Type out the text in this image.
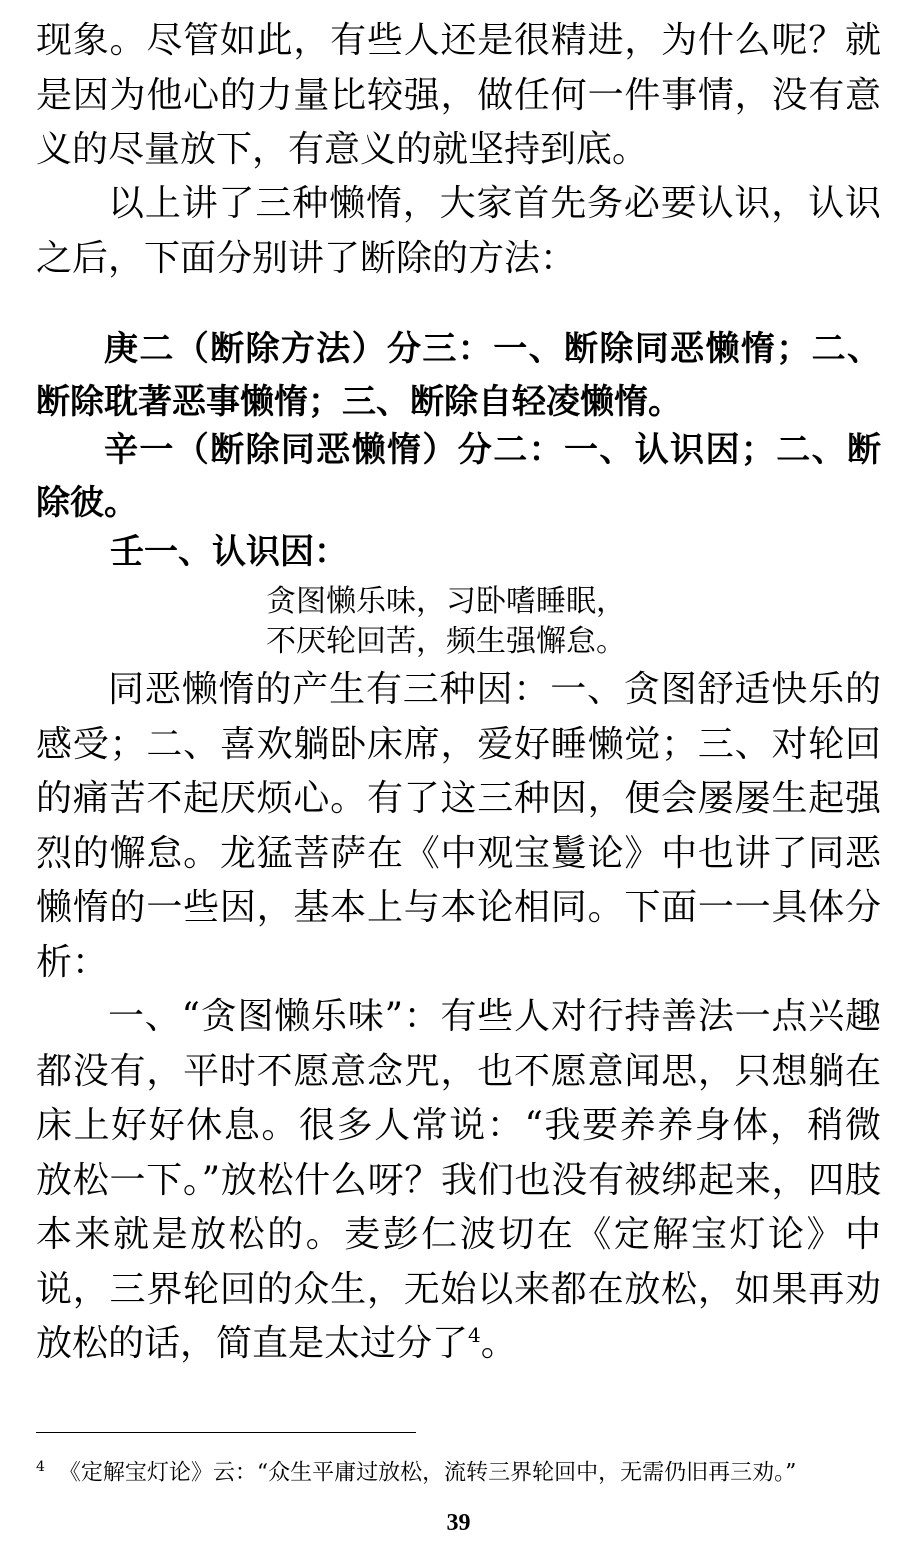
现象。尽管如此，有些人还是很精进，为什么呢？就是因为他心的力量比较强，做任何一件事情，没有意义的尽量放下，有意义的就坚持到底。

以上讲了三种懒惰，大家首先务必要认识，认识之后，下面分别讲了断除的方法：

庚二（断除方法）分三：一、断除同恶懒惰；二、断除耽著恶事懒惰；三、断除自轻凌懒惰。

辛一（断除同恶懒惰）分二：一、认识因；二、断除彼。

壬一、认识因：

贪图懒乐味，习卧嗜睡眠，
不厌轮回苦，频生强懈怠。

同恶懒惰的产生有三种因：一、贪图舒适快乐的感受；二、喜欢躺卧床席，爱好睡懒觉；三、对轮回的痛苦不起厌烦心。有了这三种因，便会屡屡生起强烈的懈怠。龙猛菩萨在《中观宝鬘论》中也讲了同恶懒惰的一些因，基本上与本论相同。下面一一具体分析：

一、“贪图懒乐味”：有些人对行持善法一点兴趣都没有，平时不愿意念咒，也不愿意闻思，只想躺在床上好好休息。很多人常说：“我要养养身体，稍微放松一下。”放松什么呀？我们也没有被绑起来，四肢本来就是放松的。麦彭仁波切在《定解宝灯论》中说，三界轮回的众生，无始以来都在放松，如果再劝放松的话，简直是太过分了$^4$。

$^4$ 《定解宝灯论》云：“众生平庸过放松，流转三界轮回中，无需仍旧再三劝。”
39
